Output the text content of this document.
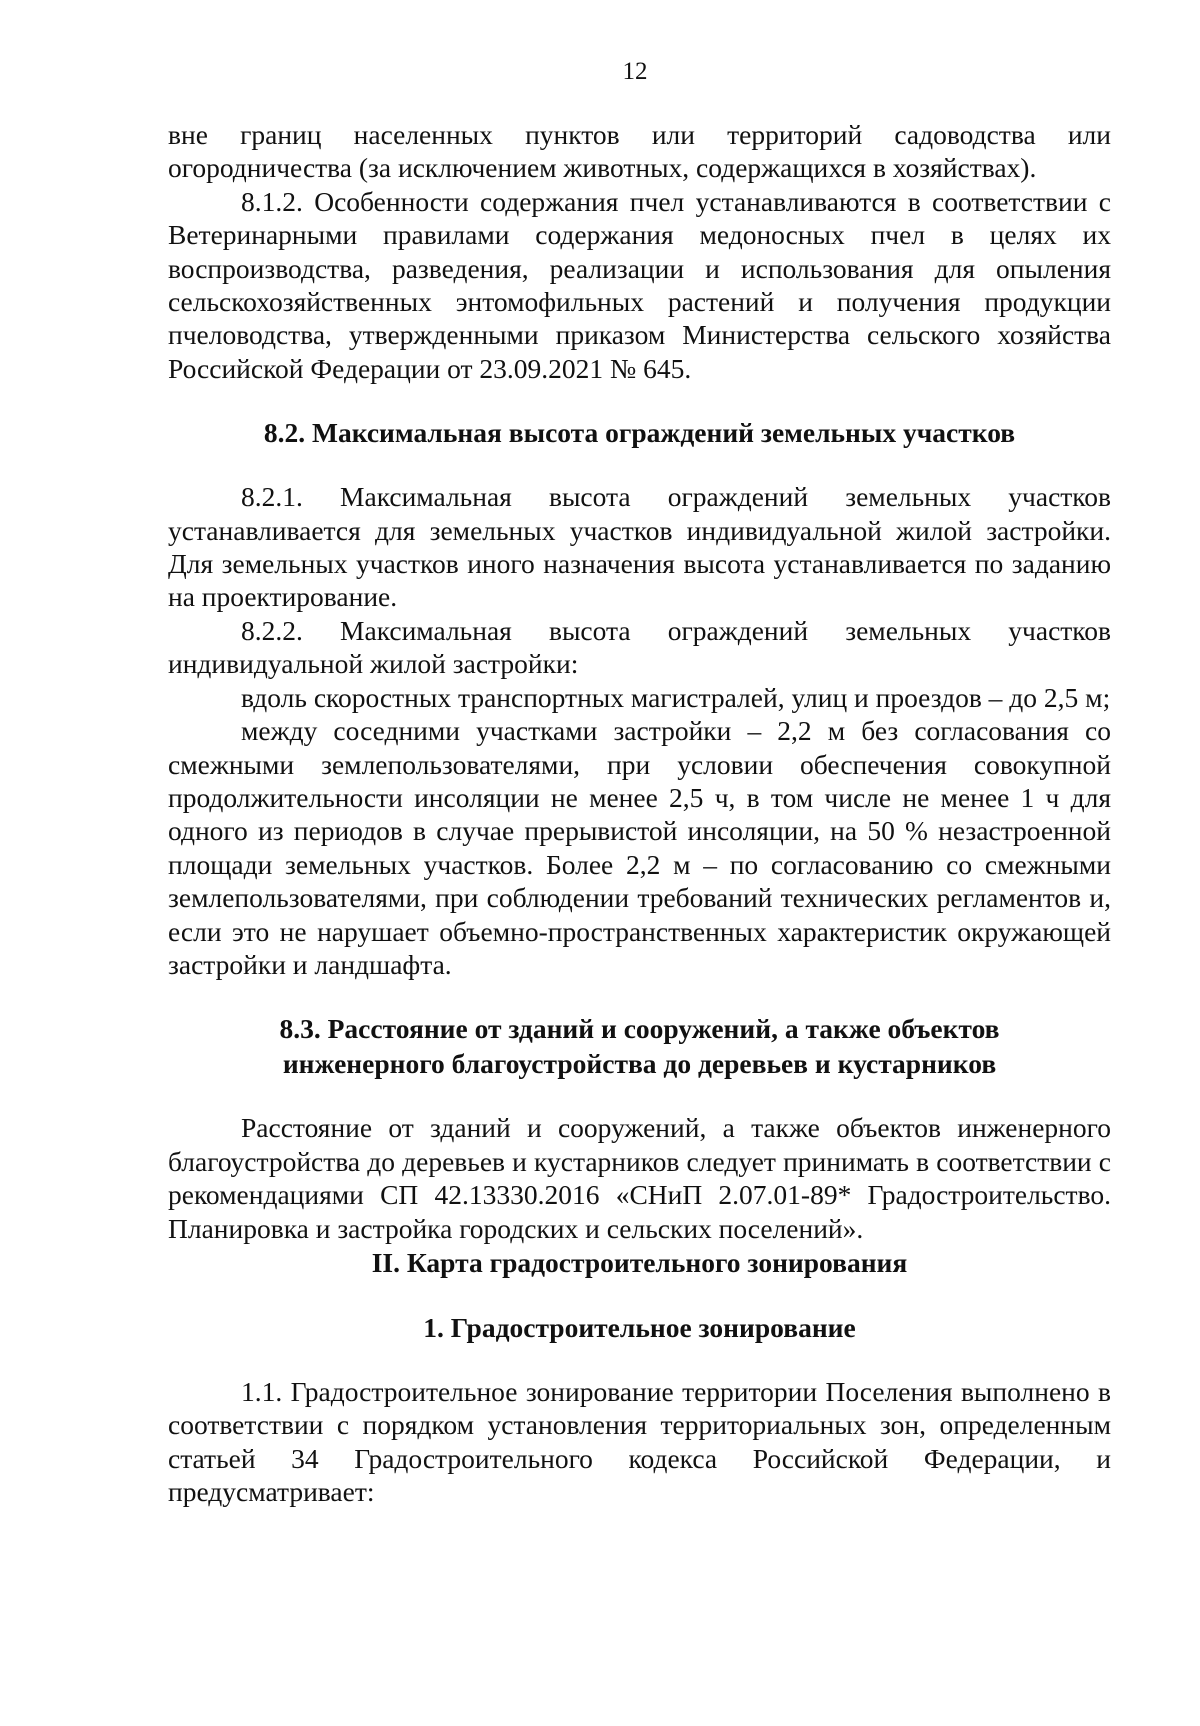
12

вне границ населенных пунктов или территорий садоводства или огородничества (за исключением животных, содержащихся в хозяйствах).

8.1.2. Особенности содержания пчел устанавливаются в соответствии с Ветеринарными правилами содержания медоносных пчел в целях их воспроизводства, разведения, реализации и использования для опыления сельскохозяйственных энтомофильных растений и получения продукции пчеловодства, утвержденными приказом Министерства сельского хозяйства Российской Федерации от 23.09.2021 № 645.

8.2. Максимальная высота ограждений земельных участков

8.2.1. Максимальная высота ограждений земельных участков устанавливается для земельных участков индивидуальной жилой застройки. Для земельных участков иного назначения высота устанавливается по заданию на проектирование.

8.2.2. Максимальная высота ограждений земельных участков индивидуальной жилой застройки:

вдоль скоростных транспортных магистралей, улиц и проездов – до 2,5 м;

между соседними участками застройки – 2,2 м без согласования со смежными землепользователями, при условии обеспечения совокупной продолжительности инсоляции не менее 2,5 ч, в том числе не менее 1 ч для одного из периодов в случае прерывистой инсоляции, на 50 % незастроенной площади земельных участков. Более 2,2 м – по согласованию со смежными землепользователями, при соблюдении требований технических регламентов и, если это не нарушает объемно-пространственных характеристик окружающей застройки и ландшафта.

8.3. Расстояние от зданий и сооружений, а также объектов

инженерного благоустройства до деревьев и кустарников

Расстояние от зданий и сооружений, а также объектов инженерного благоустройства до деревьев и кустарников следует принимать в соответствии с рекомендациями СП 42.13330.2016 «СНиП 2.07.01-89* Градостроительство. Планировка и застройка городских и сельских поселений».

II. Карта градостроительного зонирования

1. Градостроительное зонирование

1.1. Градостроительное зонирование территории Поселения выполнено в соответствии с порядком установления территориальных зон, определенным статьей 34 Градостроительного кодекса Российской Федерации, и предусматривает:
